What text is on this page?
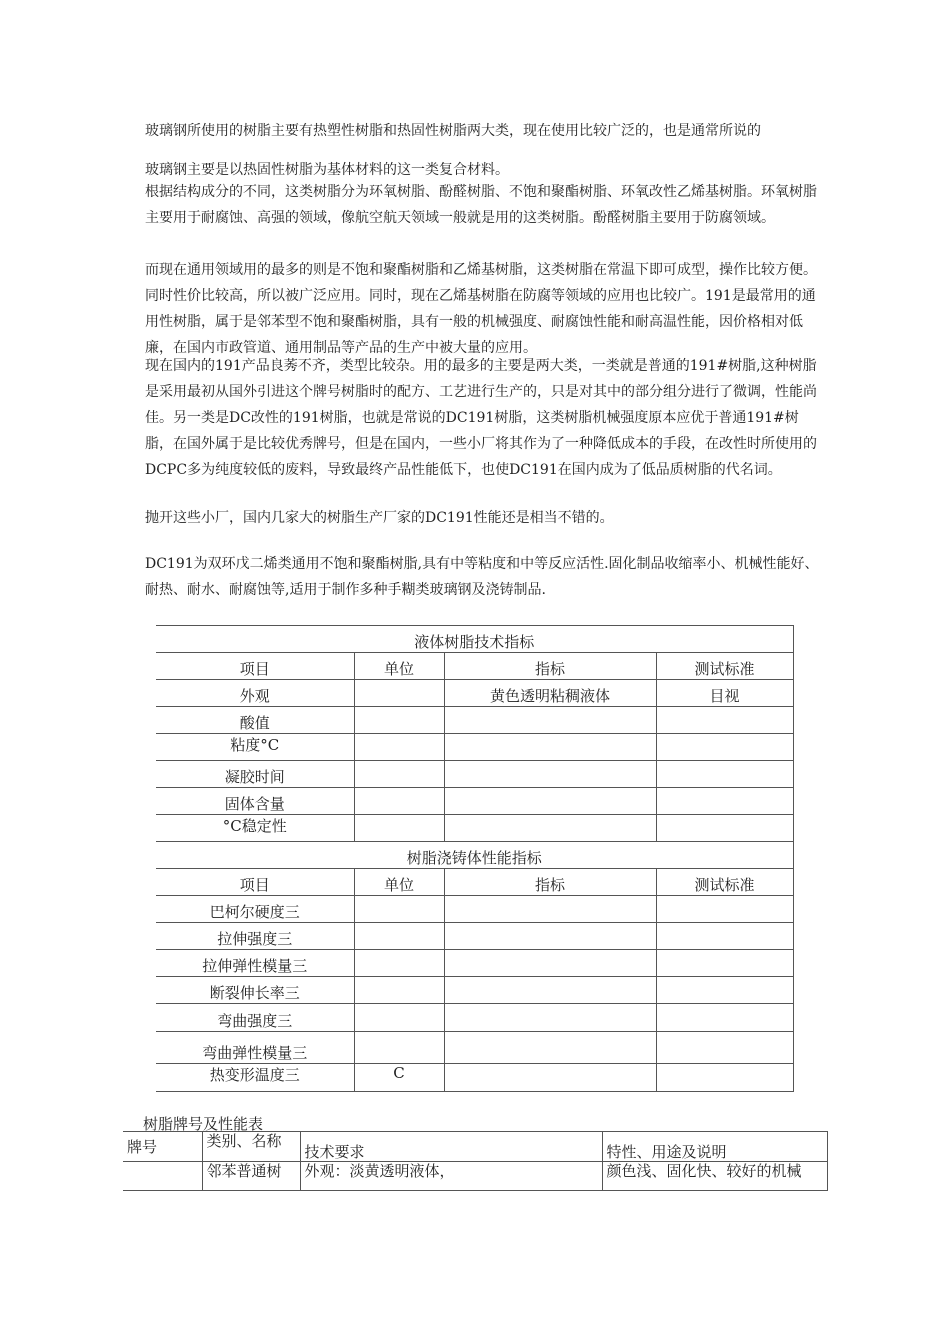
玻璃钢所使用的树脂主要有热塑性树脂和热固性树脂两大类，现在使用比较广泛的，也是通常所说的

玻璃钢主要是以热固性树脂为基体材料的这一类复合材料。

根据结构成分的不同，这类树脂分为环氧树脂、酚醛树脂、不饱和聚酯树脂、环氧改性乙烯基树脂。环氧树脂主要用于耐腐蚀、高强的领域，像航空航天领域一般就是用的这类树脂。酚醛树脂主要用于防腐领域。

而现在通用领域用的最多的则是不饱和聚酯树脂和乙烯基树脂，这类树脂在常温下即可成型，操作比较方便。同时性价比较高，所以被广泛应用。同时，现在乙烯基树脂在防腐等领域的应用也比较广。191是最常用的通用性树脂，属于是邻苯型不饱和聚酯树脂，具有一般的机械强度、耐腐蚀性能和耐高温性能，因价格相对低廉，在国内市政管道、通用制品等产品的生产中被大量的应用。

现在国内的191产品良莠不齐，类型比较杂。用的最多的主要是两大类，一类就是普通的191#树脂,这种树脂是采用最初从国外引进这个牌号树脂时的配方、工艺进行生产的，只是对其中的部分组分进行了微调，性能尚佳。另一类是DC改性的191树脂，也就是常说的DC191树脂，这类树脂机械强度原本应优于普通191#树脂，在国外属于是比较优秀牌号，但是在国内，一些小厂将其作为了一种降低成本的手段，在改性时所使用的DCPC多为纯度较低的废料，导致最终产品性能低下，也使DC191在国内成为了低品质树脂的代名词。

抛开这些小厂，国内几家大的树脂生产厂家的DC191性能还是相当不错的。

DC191为双环戊二烯类通用不饱和聚酯树脂,具有中等粘度和中等反应活性.固化制品收缩率小、机械性能好、耐热、耐水、耐腐蚀等,适用于制作多种手糊类玻璃钢及浇铸制品.

液体树脂技术指标			
项目	单位	指标	测试标准
外观		黄色透明粘稠液体	目视
酸值			
粘度°C			
凝胶时间			
固体含量			
°C稳定性			
树脂浇铸体性能指标			
项目	单位	指标	测试标准
巴柯尔硬度三			
拉伸强度三			
拉伸弹性模量三			
断裂伸长率三			
弯曲强度三			
弯曲弹性模量三			
热变形温度三	C		
树脂牌号及性能表
牌号	类别、名称	技术要求	特性、用途及说明
	邻苯普通树	外观：淡黄透明液体，	颜色浅、固化快、较好的机械
